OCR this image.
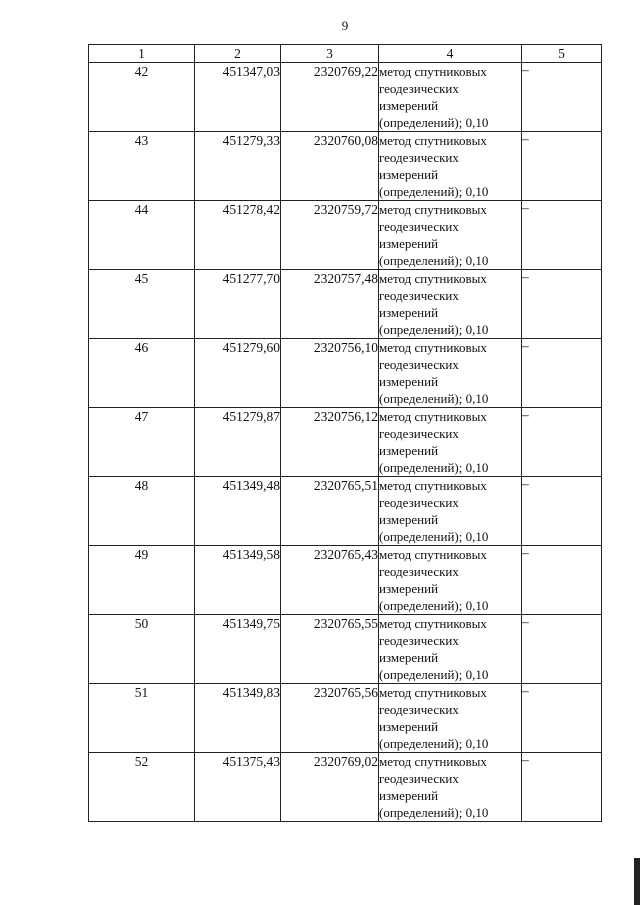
9
1	2	3	4	5
42	451347,03	2320769,22	метод спутниковых
геодезических
измерений
(определений); 0,10	–
43	451279,33	2320760,08	метод спутниковых
геодезических
измерений
(определений); 0,10	–
44	451278,42	2320759,72	метод спутниковых
геодезических
измерений
(определений); 0,10	–
45	451277,70	2320757,48	метод спутниковых
геодезических
измерений
(определений); 0,10	–
46	451279,60	2320756,10	метод спутниковых
геодезических
измерений
(определений); 0,10	–
47	451279,87	2320756,12	метод спутниковых
геодезических
измерений
(определений); 0,10	–
48	451349,48	2320765,51	метод спутниковых
геодезических
измерений
(определений); 0,10	–
49	451349,58	2320765,43	метод спутниковых
геодезических
измерений
(определений); 0,10	–
50	451349,75	2320765,55	метод спутниковых
геодезических
измерений
(определений); 0,10	–
51	451349,83	2320765,56	метод спутниковых
геодезических
измерений
(определений); 0,10	–
52	451375,43	2320769,02	метод спутниковых
геодезических
измерений
(определений); 0,10	–
